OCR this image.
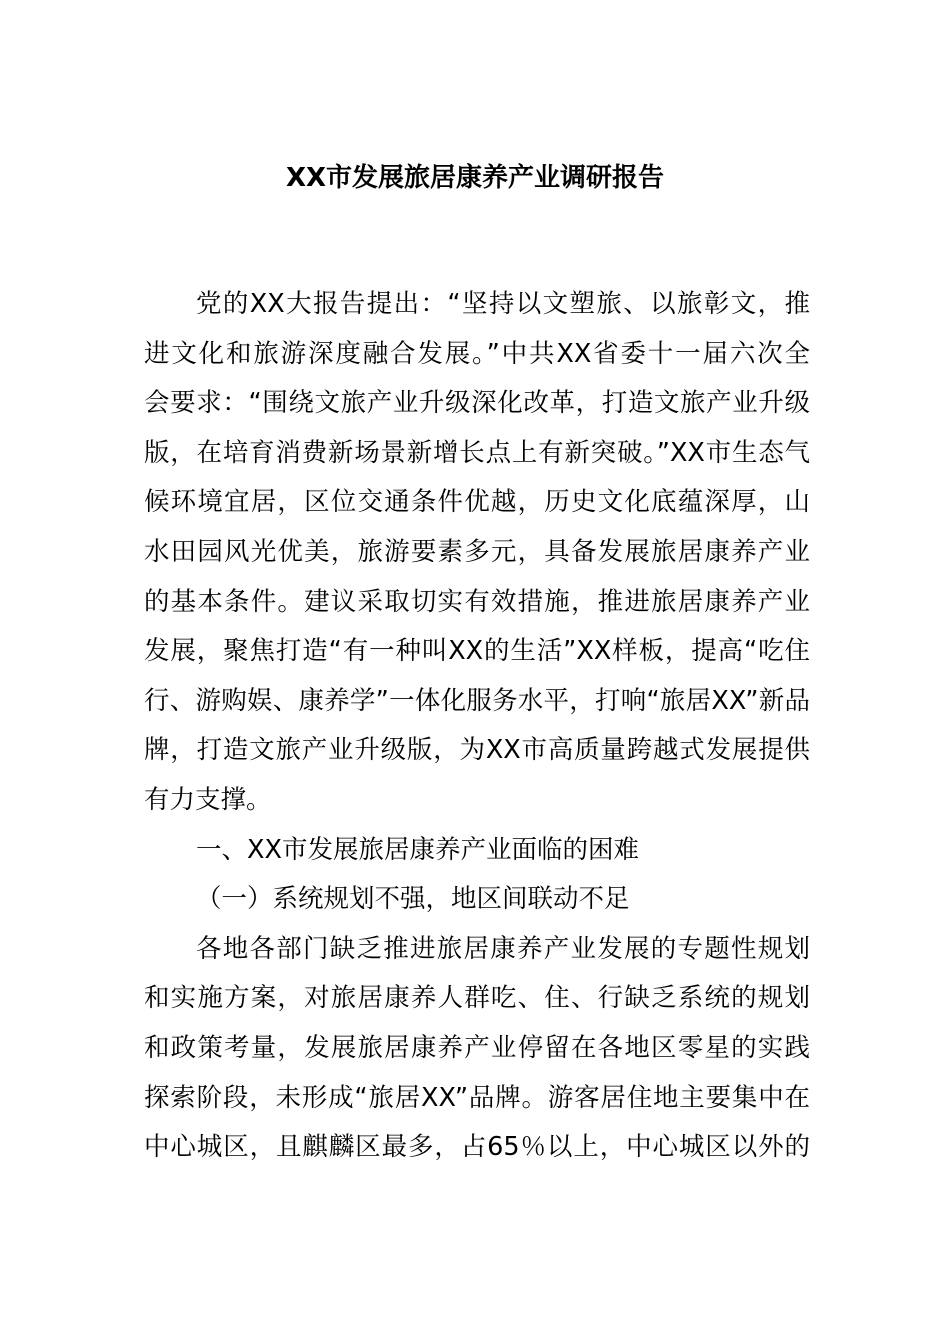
XX市发展旅居康养产业调研报告
党的XX大报告提出：“坚持以文塑旅、以旅彰文，推
进文化和旅游深度融合发展。”中共XX省委十一届六次全
会要求：“围绕文旅产业升级深化改革，打造文旅产业升级
版，在培育消费新场景新增长点上有新突破。”XX市生态气
候环境宜居，区位交通条件优越，历史文化底蕴深厚，山
水田园风光优美，旅游要素多元，具备发展旅居康养产业
的基本条件。建议采取切实有效措施，推进旅居康养产业
发展，聚焦打造“有一种叫XX的生活”XX样板，提高“吃住
行、游购娱、康养学”一体化服务水平，打响“旅居XX”新品
牌，打造文旅产业升级版，为XX市高质量跨越式发展提供
有力支撑。
一、XX市发展旅居康养产业面临的困难
（一）系统规划不强，地区间联动不足
各地各部门缺乏推进旅居康养产业发展的专题性规划
和实施方案，对旅居康养人群吃、住、行缺乏系统的规划
和政策考量，发展旅居康养产业停留在各地区零星的实践
探索阶段，未形成“旅居XX”品牌。游客居住地主要集中在
中心城区，且麒麟区最多，占65％以上，中心城区以外的
